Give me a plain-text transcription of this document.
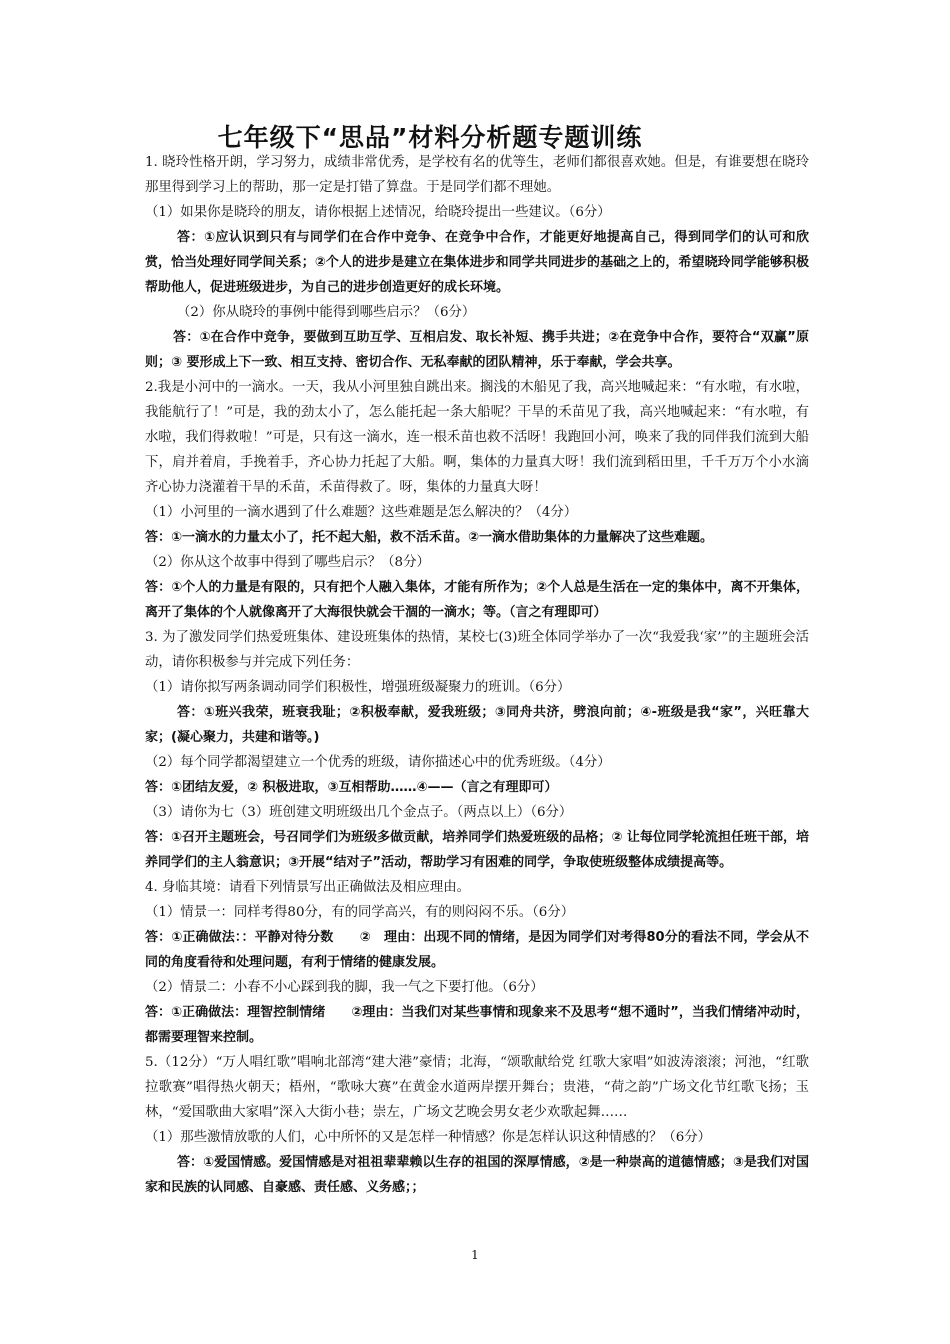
七年级下“思品”材料分析题专题训练

1. 晓玲性格开朗，学习努力，成绩非常优秀，是学校有名的优等生，老师们都很喜欢她。但是，有谁要想在晓玲那里得到学习上的帮助，那一定是打错了算盘。于是同学们都不理她。

（1）如果你是晓玲的朋友，请你根据上述情况，给晓玲提出一些建议。（6分）

答：①应认识到只有与同学们在合作中竞争、在竞争中合作，才能更好地提高自己，得到同学们的认可和欣赏，恰当处理好同学间关系；②个人的进步是建立在集体进步和同学共同进步的基础之上的，希望晓玲同学能够积极帮助他人，促进班级进步，为自己的进步创造更好的成长环境。

（2）你从晓玲的事例中能得到哪些启示？（6分）

答：①在合作中竞争，要做到互助互学、互相启发、取长补短、携手共进；②在竞争中合作，要符合“双赢”原则；③ 要形成上下一致、相互支持、密切合作、无私奉献的团队精神，乐于奉献，学会共享。

2.我是小河中的一滴水。一天，我从小河里独自跳出来。搁浅的木船见了我，高兴地喊起来：“有水啦，有水啦，我能航行了！”可是，我的劲太小了，怎么能托起一条大船呢？干旱的禾苗见了我，高兴地喊起来：“有水啦，有水啦，我们得救啦！”可是，只有这一滴水，连一根禾苗也救不活呀！我跑回小河，唤来了我的同伴我们流到大船下，肩并着肩，手挽着手，齐心协力托起了大船。啊，集体的力量真大呀！我们流到稻田里，千千万万个小水滴齐心协力浇灌着干旱的禾苗，禾苗得救了。呀，集体的力量真大呀！

（1）小河里的一滴水遇到了什么难题？这些难题是怎么解决的？（4分）

答：①一滴水的力量太小了，托不起大船，救不活禾苗。②一滴水借助集体的力量解决了这些难题。

（2）你从这个故事中得到了哪些启示？（8分）

答：①个人的力量是有限的，只有把个人融入集体，才能有所作为；②个人总是生活在一定的集体中，离不开集体，离开了集体的个人就像离开了大海很快就会干涸的一滴水；等。（言之有理即可）

3. 为了激发同学们热爱班集体、建设班集体的热情，某校七(3)班全体同学举办了一次“我爱我‘家’”的主题班会活动，请你积极参与并完成下列任务：

（1）请你拟写两条调动同学们积极性，增强班级凝聚力的班训。（6分）

答：①班兴我荣，班衰我耻；②积极奉献，爱我班级；③同舟共济，劈浪向前；④-班级是我“家”，兴旺靠大家；(凝心聚力，共建和谐等。)

（2）每个同学都渴望建立一个优秀的班级，请你描述心中的优秀班级。（4分）

答：①团结友爱，② 积极进取，③互相帮助……④——（言之有理即可）

（3）请你为七（3）班创建文明班级出几个金点子。（两点以上）（6分）

答：①召开主题班会，号召同学们为班级多做贡献，培养同学们热爱班级的品格；② 让每位同学轮流担任班干部，培养同学们的主人翁意识；③开展“结对子”活动，帮助学习有困难的同学，争取使班级整体成绩提高等。

4. 身临其境：请看下列情景写出正确做法及相应理由。

（1）情景一：同样考得80分，有的同学高兴，有的则闷闷不乐。（6分）

答：①正确做法：：平静对待分数　　②　理由：出现不同的情绪，是因为同学们对考得80分的看法不同，学会从不同的角度看待和处理问题，有利于情绪的健康发展。

（2）情景二：小春不小心踩到我的脚，我一气之下要打他。（6分）

答：①正确做法：理智控制情绪　　②理由：当我们对某些事情和现象来不及思考“想不通时”，当我们情绪冲动时，都需要理智来控制。

5.（12分）“万人唱红歌”唱响北部湾“建大港”豪情；北海，“颂歌献给党 红歌大家唱”如波涛滚滚；河池，“红歌拉歌赛”唱得热火朝天；梧州，“歌咏大赛”在黄金水道两岸摆开舞台；贵港，“荷之韵”广场文化节红歌飞扬；玉林，“爱国歌曲大家唱”深入大街小巷；崇左，广场文艺晚会男女老少欢歌起舞……

（1）那些激情放歌的人们，心中所怀的又是怎样一种情感？你是怎样认识这种情感的？（6分）

答：①爱国情感。爱国情感是对祖祖辈辈赖以生存的祖国的深厚情感，②是一种崇高的道德情感；③是我们对国家和民族的认同感、自豪感、责任感、义务感；；

1
